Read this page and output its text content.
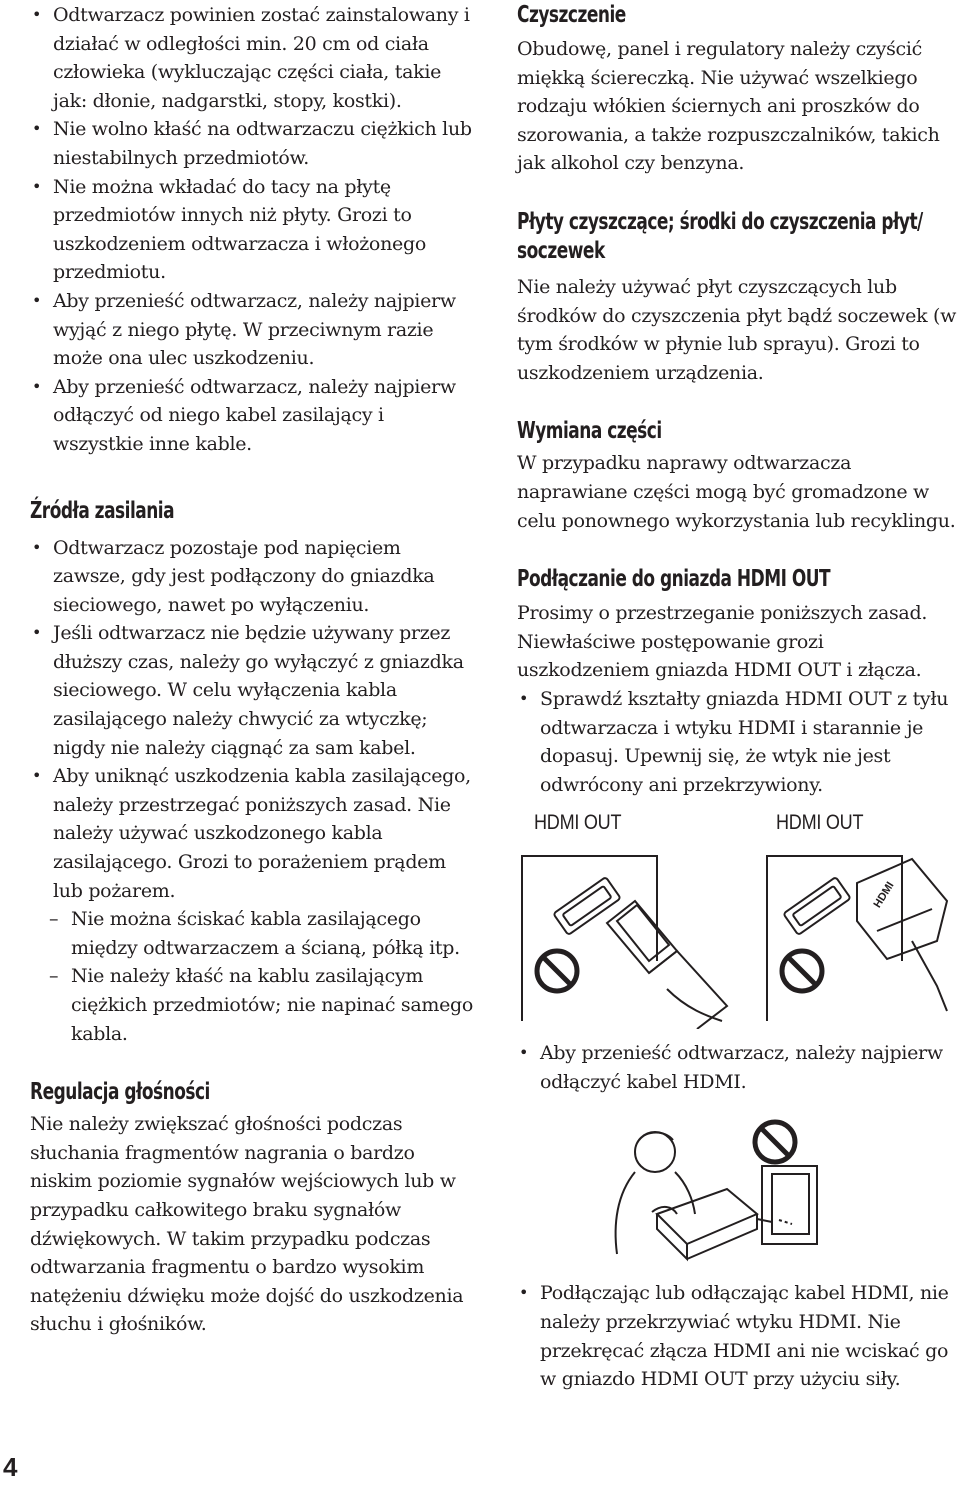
• Odtwarzacz powinien zostać zainstalowany i działać w odległości min. 20 cm od ciała człowieka (wykluczając części ciała, takie jak: dłonie, nadgarstki, stopy, kostki).
• Nie wolno kłaść na odtwarzaczu ciężkich lub niestabilnych przedmiotów.
• Nie można wkładać do tacy na płytę przedmiotów innych niż płyty. Grozi to uszkodzeniem odtwarzacza i włożonego przedmiotu.
• Aby przenieść odtwarzacz, należy najpierw wyjąć z niego płytę. W przeciwnym razie może ona ulec uszkodzeniu.
• Aby przenieść odtwarzacz, należy najpierw odłączyć od niego kabel zasilający i wszystkie inne kable.
Źródła zasilania
• Odtwarzacz pozostaje pod napięciem zawsze, gdy jest podłączony do gniazdka sieciowego, nawet po wyłączeniu.
• Jeśli odtwarzacz nie będzie używany przez dłuższy czas, należy go wyłączyć z gniazdka sieciowego. W celu wyłączenia kabla zasilającego należy chwycić za wtyczkę; nigdy nie należy ciągnąć za sam kabel.
• Aby uniknąć uszkodzenia kabla zasilającego, należy przestrzegać poniższych zasad. Nie należy używać uszkodzonego kabla zasilającego. Grozi to porażeniem prądem lub pożarem.
– Nie można ściskać kabla zasilającego między odtwarzaczem a ścianą, półką itp.
– Nie należy kłaść na kablu zasilającym ciężkich przedmiotów; nie napinać samego kabla.
Regulacja głośności

Nie należy zwiększać głośności podczas słuchania fragmentów nagrania o bardzo niskim poziomie sygnałów wejściowych lub w przypadku całkowitego braku sygnałów dźwiękowych. W takim przypadku podczas odtwarzania fragmentu o bardzo wysokim natężeniu dźwięku może dojść do uszkodzenia słuchu i głośników.

Czyszczenie

Obudowę, panel i regulatory należy czyścić miękką ściereczką. Nie używać wszelkiego rodzaju włókien ściernych ani proszków do szorowania, a także rozpuszczalników, takich jak alkohol czy benzyna.

Płyty czyszczące; środki do czyszczenia płyt/
soczewek

Nie należy używać płyt czyszczących lub środków do czyszczenia płyt bądź soczewek (w tym środków w płynie lub sprayu). Grozi to uszkodzeniem urządzenia.

Wymiana części

W przypadku naprawy odtwarzacza naprawiane części mogą być gromadzone w celu ponownego wykorzystania lub recyklingu.

Podłączanie do gniazda HDMI OUT

Prosimy o przestrzeganie poniższych zasad. Niewłaściwe postępowanie grozi uszkodzeniem gniazda HDMI OUT i złącza.

• Sprawdź kształty gniazda HDMI OUT z tyłu odtwarzacza i wtyku HDMI i starannie je dopasuj. Upewnij się, że wtyk nie jest odwrócony ani przekrzywiony.
HDMI OUT	HDMI OUT
HDMI
• Aby przenieść odtwarzacz, należy najpierw odłączyć kabel HDMI.
• Podłączając lub odłączając kabel HDMI, nie należy przekrzywiać wtyku HDMI. Nie przekręcać złącza HDMI ani nie wciskać go w gniazdo HDMI OUT przy użyciu siły.
4
